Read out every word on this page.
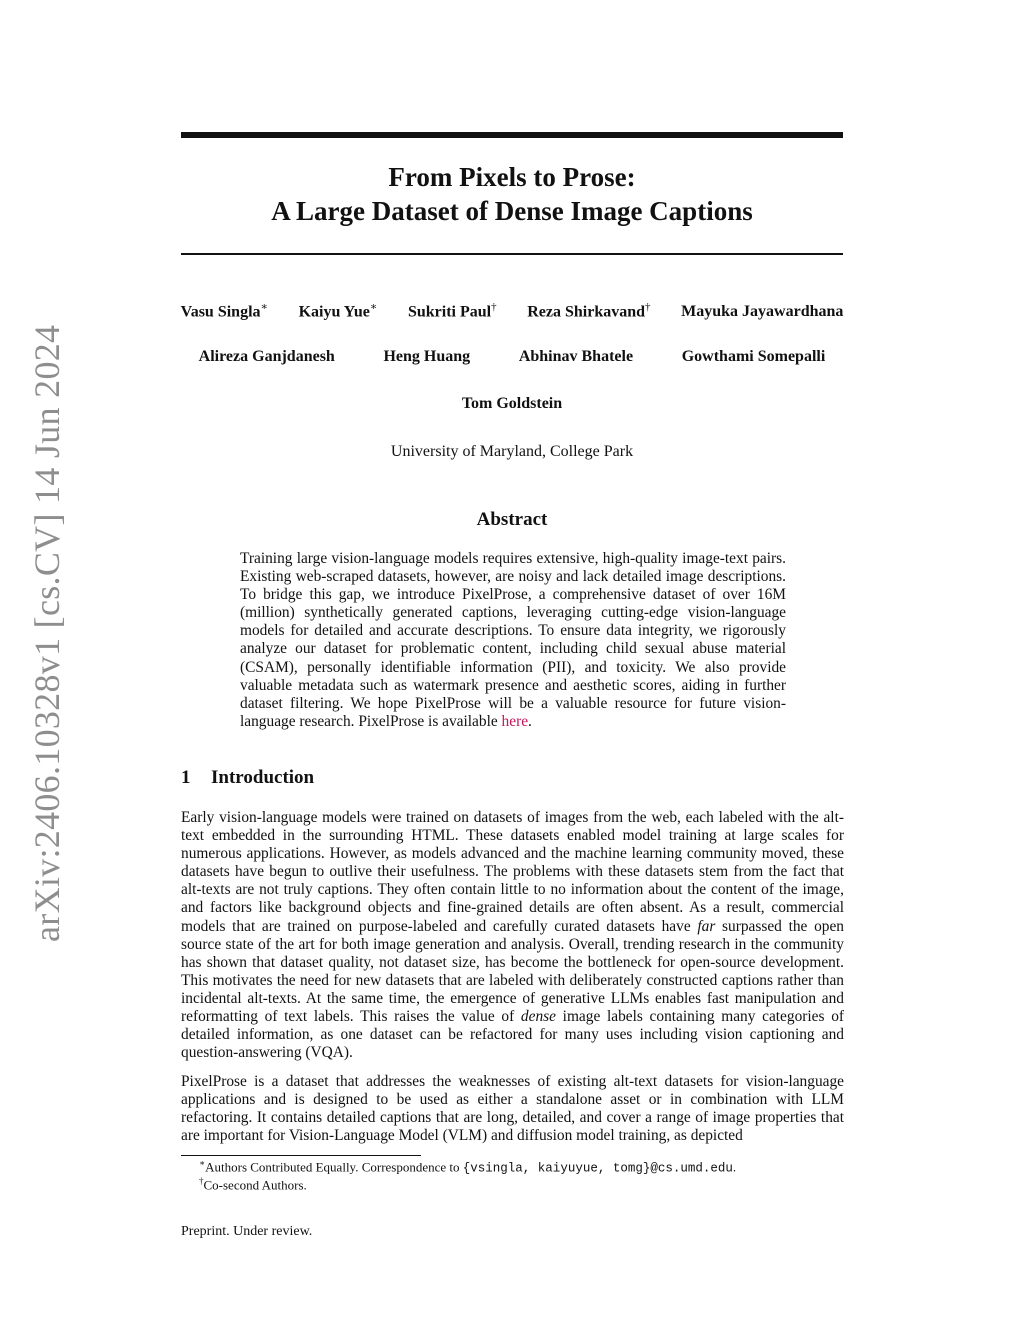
arXiv:2406.10328v1 [cs.CV] 14 Jun 2024
From Pixels to Prose:
A Large Dataset of Dense Image Captions
Vasu Singla∗ Kaiyu Yue∗ Sukriti Paul† Reza Shirkavand† Mayuka Jayawardhana
Alireza Ganjdanesh	Heng Huang	Abhinav Bhatele	Gowthami Somepalli
Tom Goldstein
University of Maryland, College Park
Abstract
Training large vision-language models requires extensive, high-quality image-text pairs. Existing web-scraped datasets, however, are noisy and lack detailed image descriptions. To bridge this gap, we introduce PixelProse, a comprehensive dataset of over 16M (million) synthetically generated captions, leveraging cutting-edge vision-language models for detailed and accurate descriptions. To ensure data integrity, we rigorously analyze our dataset for problematic content, including child sexual abuse material (CSAM), personally identifiable information (PII), and toxicity. We also provide valuable metadata such as watermark presence and aesthetic scores, aiding in further dataset filtering. We hope PixelProse will be a valuable resource for future vision-language research. PixelProse is available here.
1 Introduction
Early vision-language models were trained on datasets of images from the web, each labeled with the alt-text embedded in the surrounding HTML. These datasets enabled model training at large scales for numerous applications. However, as models advanced and the machine learning community moved, these datasets have begun to outlive their usefulness. The problems with these datasets stem from the fact that alt-texts are not truly captions. They often contain little to no information about the content of the image, and factors like background objects and fine-grained details are often absent. As a result, commercial models that are trained on purpose-labeled and carefully curated datasets have far surpassed the open source state of the art for both image generation and analysis. Overall, trending research in the community has shown that dataset quality, not dataset size, has become the bottleneck for open-source development. This motivates the need for new datasets that are labeled with deliberately constructed captions rather than incidental alt-texts. At the same time, the emergence of generative LLMs enables fast manipulation and reformatting of text labels. This raises the value of dense image labels containing many categories of detailed information, as one dataset can be refactored for many uses including vision captioning and question-answering (VQA).
PixelProse is a dataset that addresses the weaknesses of existing alt-text datasets for vision-language applications and is designed to be used as either a standalone asset or in combination with LLM refactoring. It contains detailed captions that are long, detailed, and cover a range of image properties that are important for Vision-Language Model (VLM) and diffusion model training, as depicted
∗Authors Contributed Equally. Correspondence to {vsingla, kaiyuyue, tomg}@cs.umd.edu.
†Co-second Authors.
Preprint. Under review.
